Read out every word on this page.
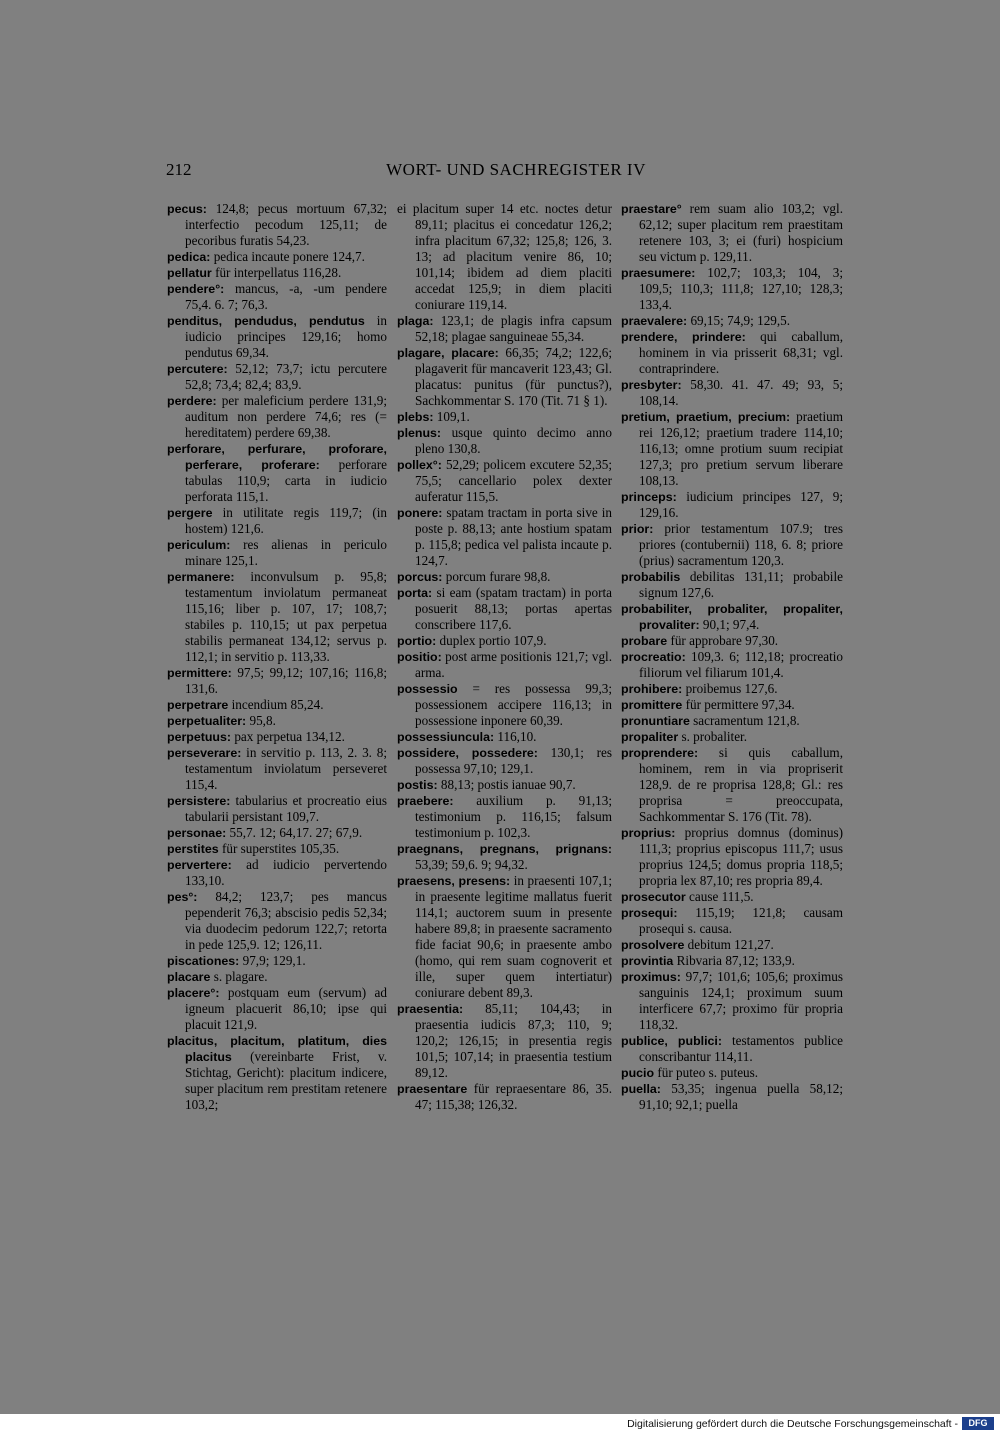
212	WORT- UND SACHREGISTER IV

pecus: 124,8; pecus mortuum 67,32; interfectio pecodum 125,11; de pecoribus furatis 54,23.

pedica: pedica incaute ponere 124,7.

pellatur für interpellatus 116,28.

pendere°: mancus, -a, -um pendere 75,4. 6. 7; 76,3.

penditus, pendudus, pendutus in iudicio principes 129,16; homo pendutus 69,34.

percutere: 52,12; 73,7; ictu percutere 52,8; 73,4; 82,4; 83,9.

perdere: per maleficium perdere 131,9; auditum non perdere 74,6; res (= hereditatem) perdere 69,38.

perforare, perfurare, proforare, perferare, proferare: perforare tabulas 110,9; carta in iudicio perforata 115,1.

pergere in utilitate regis 119,7; (in hostem) 121,6.

periculum: res alienas in periculo minare 125,1.

permanere: inconvulsum p. 95,8; testamentum inviolatum permaneat 115,16; liber p. 107, 17; 108,7; stabiles p. 110,15; ut pax perpetua stabilis permaneat 134,12; servus p. 112,1; in servitio p. 113,33.

permittere: 97,5; 99,12; 107,16; 116,8; 131,6.

perpetrare incendium 85,24.

perpetualiter: 95,8.

perpetuus: pax perpetua 134,12.

perseverare: in servitio p. 113, 2. 3. 8; testamentum inviolatum perseveret 115,4.

persistere: tabularius et procreatio eius tabularii persistant 109,7.

personae: 55,7. 12; 64,17. 27; 67,9.

perstites für superstites 105,35.

pervertere: ad iudicio pervertendo 133,10.

pes°: 84,2; 123,7; pes mancus pependerit 76,3; abscisio pedis 52,34; via duodecim pedorum 122,7; retorta in pede 125,9. 12; 126,11.

piscationes: 97,9; 129,1.

placare s. plagare.

placere°: postquam eum (servum) ad igneum placuerit 86,10; ipse qui placuit 121,9.

placitus, placitum, platitum, dies placitus (vereinbarte Frist, v. Stichtag, Gericht): placitum indicere, super placitum rem prestitam retenere 103,2;

ei placitum super 14 etc. noctes detur 89,11; placitus ei concedatur 126,2; infra placitum 67,32; 125,8; 126, 3. 13; ad placitum venire 86, 10; 101,14; ibidem ad diem placiti accedat 125,9; in diem placiti coniurare 119,14.

plaga: 123,1; de plagis infra capsum 52,18; plagae sanguineae 55,34.

plagare, placare: 66,35; 74,2; 122,6; plagaverit für mancaverit 123,43; Gl. placatus: punitus (für punctus?), Sachkommentar S. 170 (Tit. 71 § 1).

plebs: 109,1.

plenus: usque quinto decimo anno pleno 130,8.

pollex°: 52,29; policem excutere 52,35; 75,5; cancellario polex dexter auferatur 115,5.

ponere: spatam tractam in porta sive in poste p. 88,13; ante hostium spatam p. 115,8; pedica vel palista incaute p. 124,7.

porcus: porcum furare 98,8.

porta: si eam (spatam tractam) in porta posuerit 88,13; portas apertas conscribere 117,6.

portio: duplex portio 107,9.

positio: post arme positionis 121,7; vgl. arma.

possessio = res possessa 99,3; possessionem accipere 116,13; in possessione inponere 60,39.

possessiuncula: 116,10.

possidere, possedere: 130,1; res possessa 97,10; 129,1.

postis: 88,13; postis ianuae 90,7.

praebere: auxilium p. 91,13; testimonium p. 116,15; falsum testimonium p. 102,3.

praegnans, pregnans, prignans: 53,39; 59,6. 9; 94,32.

praesens, presens: in praesenti 107,1; in praesente legitime mallatus fuerit 114,1; auctorem suum in presente habere 89,8; in praesente sacramento fide faciat 90,6; in praesente ambo (homo, qui rem suam cognoverit et ille, super quem intertiatur) coniurare debent 89,3.

praesentia: 85,11; 104,43; in praesentia iudicis 87,3; 110, 9; 120,2; 126,15; in presentia regis 101,5; 107,14; in praesentia testium 89,12.

praesentare für repraesentare 86, 35. 47; 115,38; 126,32.

praestare° rem suam alio 103,2; vgl. 62,12; super placitum rem praestitam retenere 103, 3; ei (furi) hospicium seu victum p. 129,11.

praesumere: 102,7; 103,3; 104, 3; 109,5; 110,3; 111,8; 127,10; 128,3; 133,4.

praevalere: 69,15; 74,9; 129,5.

prendere, prindere: qui caballum, hominem in via prisserit 68,31; vgl. contraprindere.

presbyter: 58,30. 41. 47. 49; 93, 5; 108,14.

pretium, praetium, precium: praetium rei 126,12; praetium tradere 114,10; 116,13; omne protium suum recipiat 127,3; pro pretium servum liberare 108,13.

princeps: iudicium principes 127, 9; 129,16.

prior: prior testamentum 107.9; tres priores (contubernii) 118, 6. 8; priore (prius) sacramentum 120,3.

probabilis debilitas 131,11; probabile signum 127,6.

probabiliter, probaliter, propaliter, provaliter: 90,1; 97,4.

probare für approbare 97,30.

procreatio: 109,3. 6; 112,18; procreatio filiorum vel filiarum 101,4.

prohibere: proibemus 127,6.

promittere für permittere 97,34.

pronuntiare sacramentum 121,8.

propaliter s. probaliter.

proprendere: si quis caballum, hominem, rem in via propriserit 128,9. de re proprisa 128,8; Gl.: res proprisa = preoccupata, Sachkommentar S. 176 (Tit. 78).

proprius: proprius domnus (dominus) 111,3; proprius episcopus 111,7; usus proprius 124,5; domus propria 118,5; propria lex 87,10; res propria 89,4.

prosecutor cause 111,5.

prosequi: 115,19; 121,8; causam prosequi s. causa.

prosolvere debitum 121,27.

provintia Ribvaria 87,12; 133,9.

proximus: 97,7; 101,6; 105,6; proximus sanguinis 124,1; proximum suum interficere 67,7; proximo für propria 118,32.

publice, publici: testamentos publice conscribantur 114,11.

pucio für puteo s. puteus.

puella: 53,35; ingenua puella 58,12; 91,10; 92,1; puella

Digitalisierung gefördert durch die Deutsche Forschungsgemeinschaft -	DFG
